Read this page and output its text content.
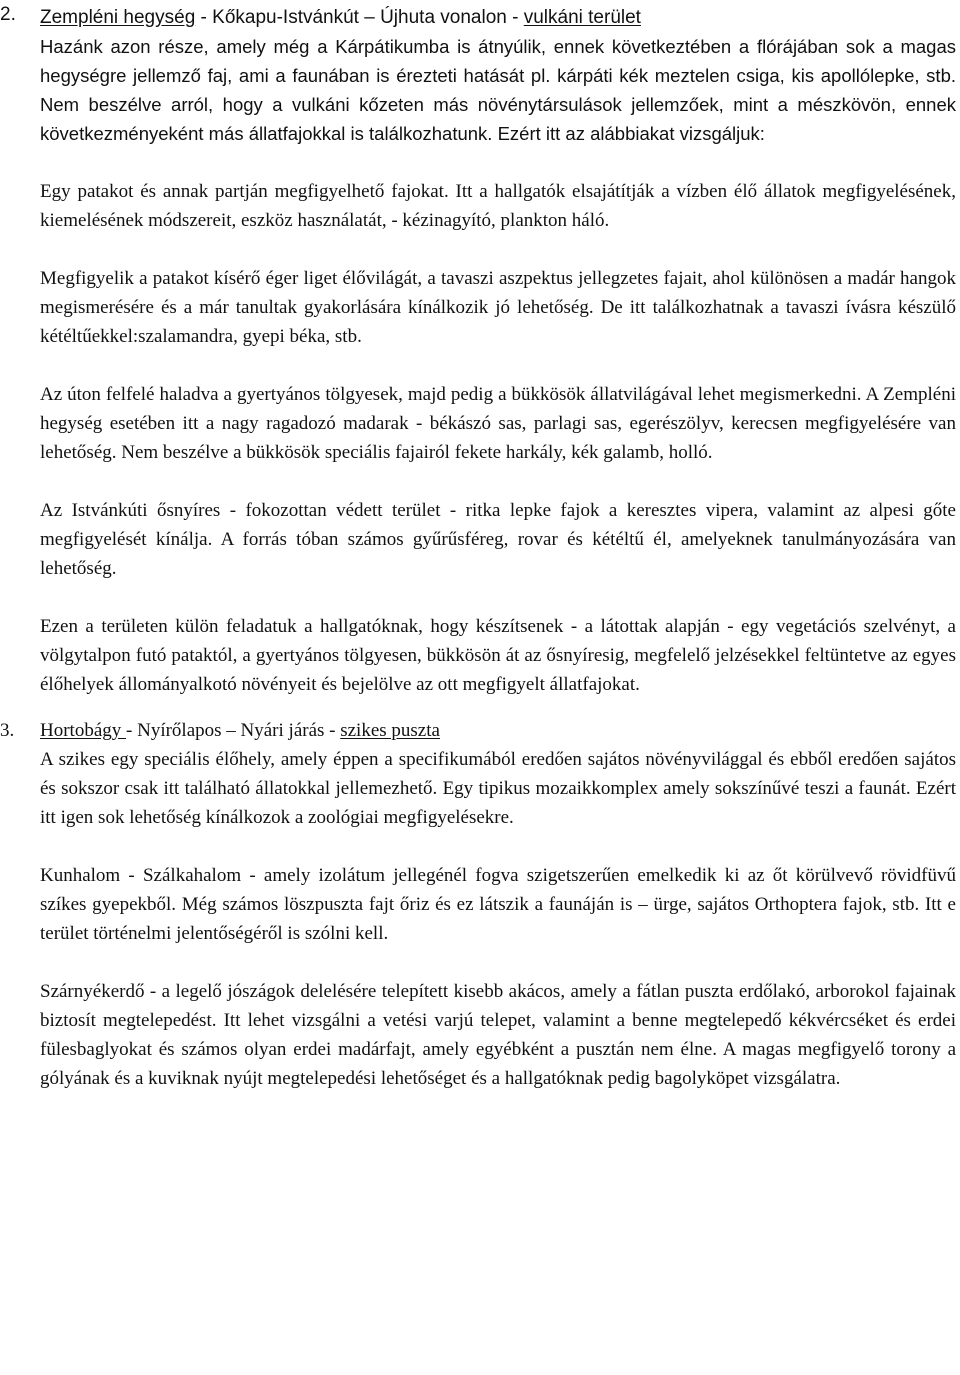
2.	Zempléni hegység - Kőkapu-Istvánkút – Újhuta vonalon - vulkáni terület

Hazánk azon része, amely még a Kárpátikumba is átnyúlik, ennek következtében a flórájában sok a magas hegységre jellemző faj, ami a faunában is érezteti hatását pl. kárpáti kék meztelen csiga, kis apollólepke, stb. Nem beszélve arról, hogy a vulkáni kőzeten más növénytársulások jellemzőek, mint a mészkövön, ennek következményeként más állatfajokkal is találkozhatunk. Ezért itt az alábbiakat vizsgáljuk:

Egy patakot és annak partján megfigyelhető fajokat. Itt a hallgatók elsajátítják a vízben élő állatok megfigyelésének, kiemelésének módszereit, eszköz használatát, - kézinagyító, plankton háló.

Megfigyelik a patakot kísérő éger liget élővilágát, a tavaszi aszpektus jellegzetes fajait, ahol különösen a madár hangok megismerésére és a már tanultak gyakorlására kínálkozik jó lehetőség. De itt találkozhatnak a tavaszi ívásra készülő kétéltűekkel:szalamandra, gyepi béka, stb.

Az úton felfelé haladva a gyertyános tölgyesek, majd pedig a bükkösök állatvilágával lehet megismerkedni. A Zempléni hegység esetében itt a nagy ragadozó madarak - békászó sas, parlagi sas, egerészölyv, kerecsen megfigyelésére van lehetőség. Nem beszélve a bükkösök speciális fajairól fekete harkály, kék galamb, holló.

Az Istvánkúti ősnyíres - fokozottan védett terület - ritka lepke fajok a keresztes vipera, valamint az alpesi gőte megfigyelését kínálja. A forrás tóban számos gyűrűsféreg, rovar és kétéltű él, amelyeknek tanulmányozására van lehetőség.

Ezen a területen külön feladatuk a hallgatóknak, hogy készítsenek - a látottak alapján - egy vegetációs szelvényt, a völgytalpon futó pataktól, a gyertyános tölgyesen, bükkösön át az ősnyíresig, megfelelő jelzésekkel feltüntetve az egyes élőhelyek állományalkotó növényeit és bejelölve az ott megfigyelt állatfajokat.

3.	Hortobágy - Nyírőlapos – Nyári járás - szikes puszta

A szikes egy speciális élőhely, amely éppen a specifikumából eredően sajátos növényvilággal és ebből eredően sajátos és sokszor csak itt található állatokkal jellemezhető. Egy tipikus mozaikkomplex amely sokszínűvé teszi a faunát. Ezért itt igen sok lehetőség kínálkozok a zoológiai megfigyelésekre.

Kunhalom - Szálkahalom - amely izolátum jellegénél fogva szigetszerűen emelkedik ki az őt körülvevő rövidfüvű szíkes gyepekből. Még számos löszpuszta fajt őriz és ez látszik a faunáján is – ürge, sajátos Orthoptera fajok, stb. Itt e terület történelmi jelentőségéről is szólni kell.

Szárnyékerdő - a legelő jószágok delelésére telepített kisebb akácos, amely a fátlan puszta erdőlakó, arborokol fajainak biztosít megtelepedést. Itt lehet vizsgálni a vetési varjú telepet, valamint a benne megtelepedő kékvércséket és erdei fülesbaglyokat és számos olyan erdei madárfajt, amely egyébként a pusztán nem élne. A magas megfigyelő torony a gólyának és a kuviknak nyújt megtelepedési lehetőséget és a hallgatóknak pedig bagolyköpet vizsgálatra.
